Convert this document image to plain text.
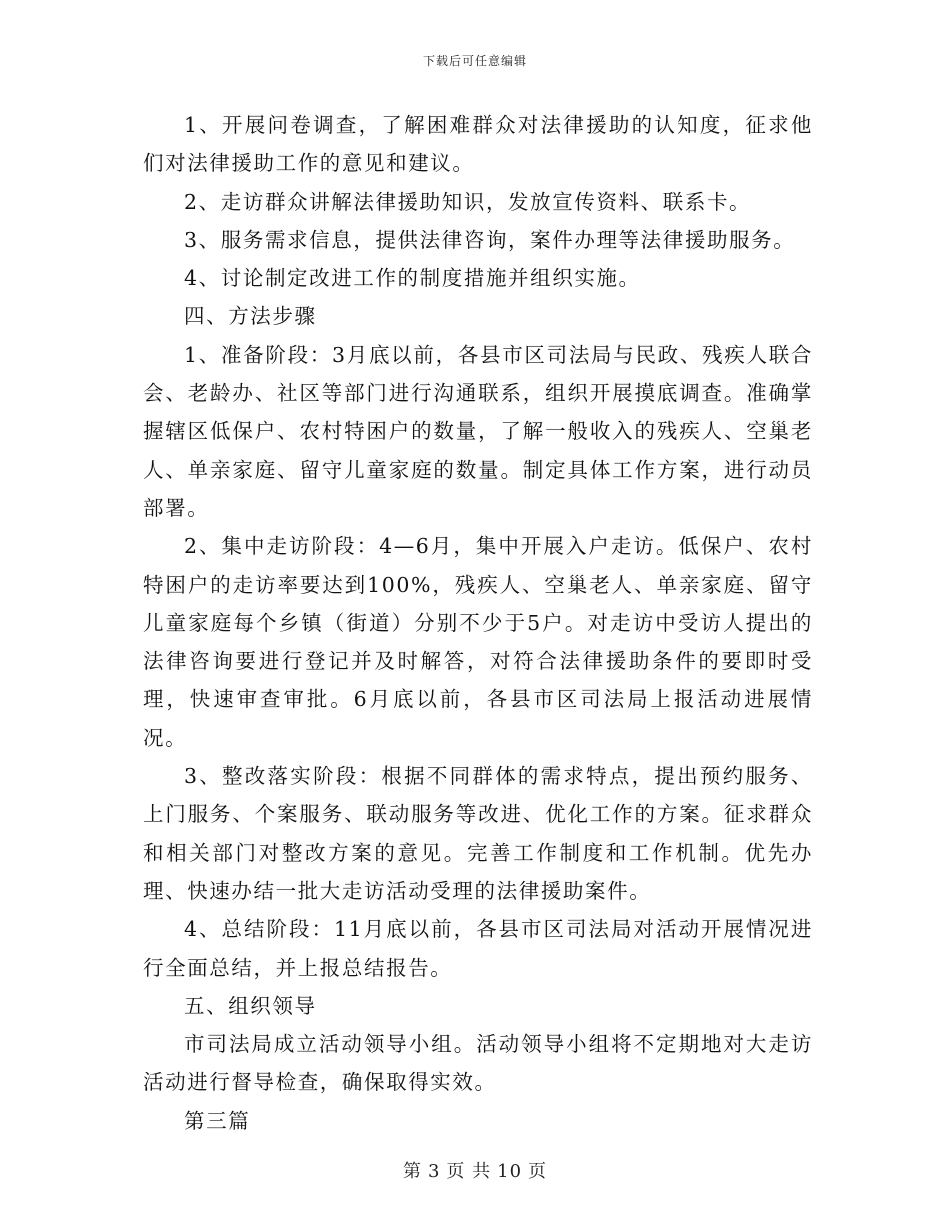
下载后可任意编辑

1、开展问卷调查，了解困难群众对法律援助的认知度，征求他们对法律援助工作的意见和建议。

2、走访群众讲解法律援助知识，发放宣传资料、联系卡。

3、服务需求信息，提供法律咨询，案件办理等法律援助服务。

4、讨论制定改进工作的制度措施并组织实施。

四、方法步骤

1、准备阶段：3月底以前，各县市区司法局与民政、残疾人联合会、老龄办、社区等部门进行沟通联系，组织开展摸底调查。准确掌握辖区低保户、农村特困户的数量，了解一般收入的残疾人、空巢老人、单亲家庭、留守儿童家庭的数量。制定具体工作方案，进行动员部署。

2、集中走访阶段：4—6月，集中开展入户走访。低保户、农村特困户的走访率要达到100%，残疾人、空巢老人、单亲家庭、留守儿童家庭每个乡镇（街道）分别不少于5户。对走访中受访人提出的法律咨询要进行登记并及时解答，对符合法律援助条件的要即时受理，快速审查审批。6月底以前，各县市区司法局上报活动进展情况。

3、整改落实阶段：根据不同群体的需求特点，提出预约服务、上门服务、个案服务、联动服务等改进、优化工作的方案。征求群众和相关部门对整改方案的意见。完善工作制度和工作机制。优先办理、快速办结一批大走访活动受理的法律援助案件。

4、总结阶段：11月底以前，各县市区司法局对活动开展情况进行全面总结，并上报总结报告。

五、组织领导

市司法局成立活动领导小组。活动领导小组将不定期地对大走访活动进行督导检查，确保取得实效。

第三篇

第 3 页 共 10 页
